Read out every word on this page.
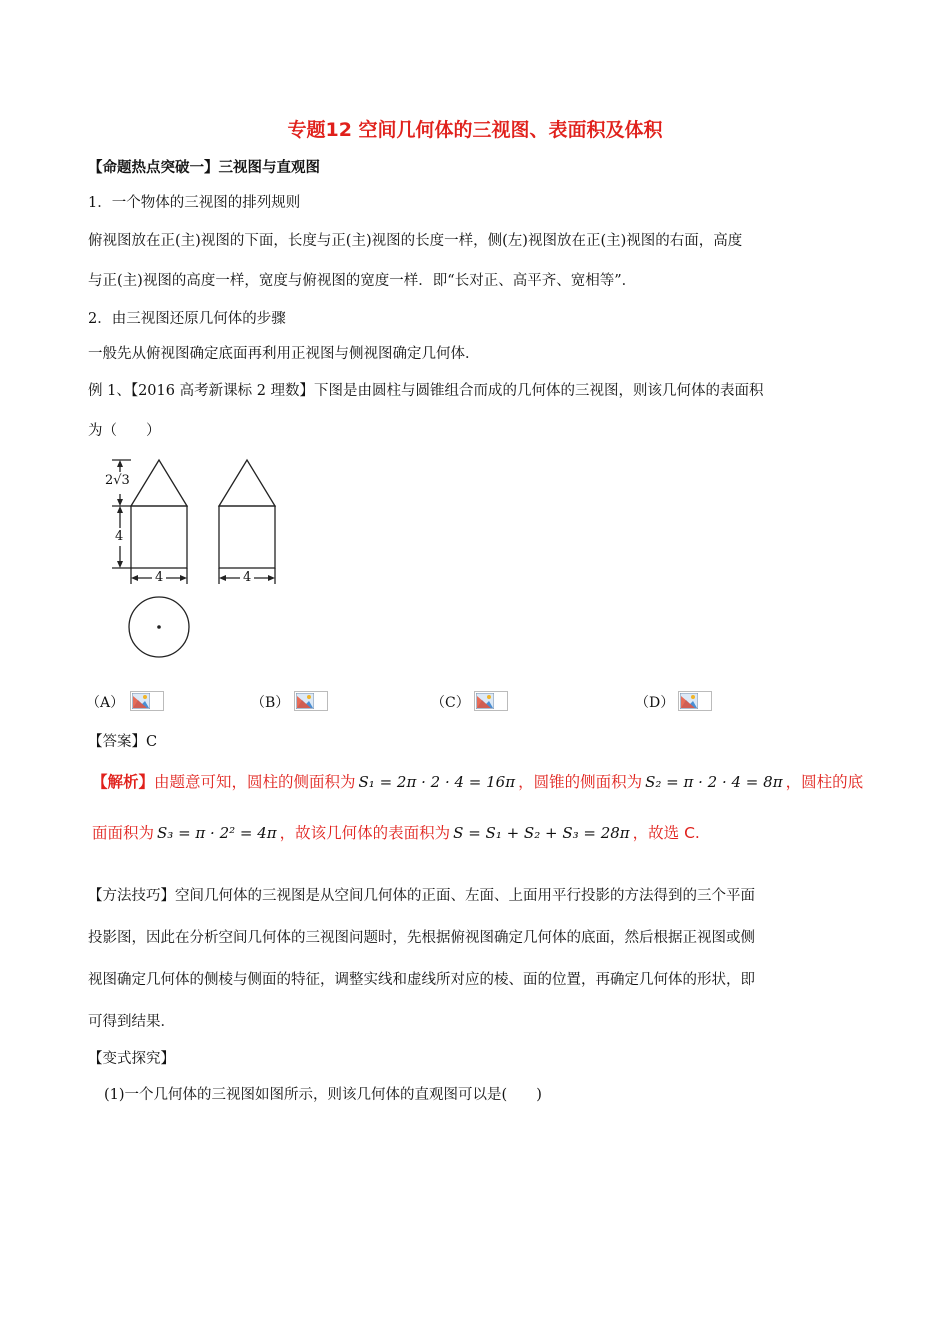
专题12 空间几何体的三视图、表面积及体积
【命题热点突破一】三视图与直观图
1．一个物体的三视图的排列规则
俯视图放在正(主)视图的下面，长度与正(主)视图的长度一样，侧(左)视图放在正(主)视图的右面，高度
与正(主)视图的高度一样，宽度与俯视图的宽度一样．即“长对正、高平齐、宽相等”．
2．由三视图还原几何体的步骤
一般先从俯视图确定底面再利用正视图与侧视图确定几何体．
例 1、【2016 高考新课标 2 理数】下图是由圆柱与圆锥组合而成的几何体的三视图，则该几何体的表面积
为（　　）
2√3
4
4	4
（A）	（B）	（C）	（D）
【答案】C
【解析】由题意可知，圆柱的侧面积为 S₁ = 2π · 2 · 4 = 16π ，圆锥的侧面积为 S₂ = π · 2 · 4 = 8π ，圆柱的底
面面积为 S₃ = π · 2² = 4π ，故该几何体的表面积为 S = S₁ + S₂ + S₃ = 28π ，故选 C.
【方法技巧】空间几何体的三视图是从空间几何体的正面、左面、上面用平行投影的方法得到的三个平面
投影图，因此在分析空间几何体的三视图问题时，先根据俯视图确定几何体的底面，然后根据正视图或侧
视图确定几何体的侧棱与侧面的特征，调整实线和虚线所对应的棱、面的位置，再确定几何体的形状，即
可得到结果．
【变式探究】
(1)一个几何体的三视图如图所示，则该几何体的直观图可以是(　　)
